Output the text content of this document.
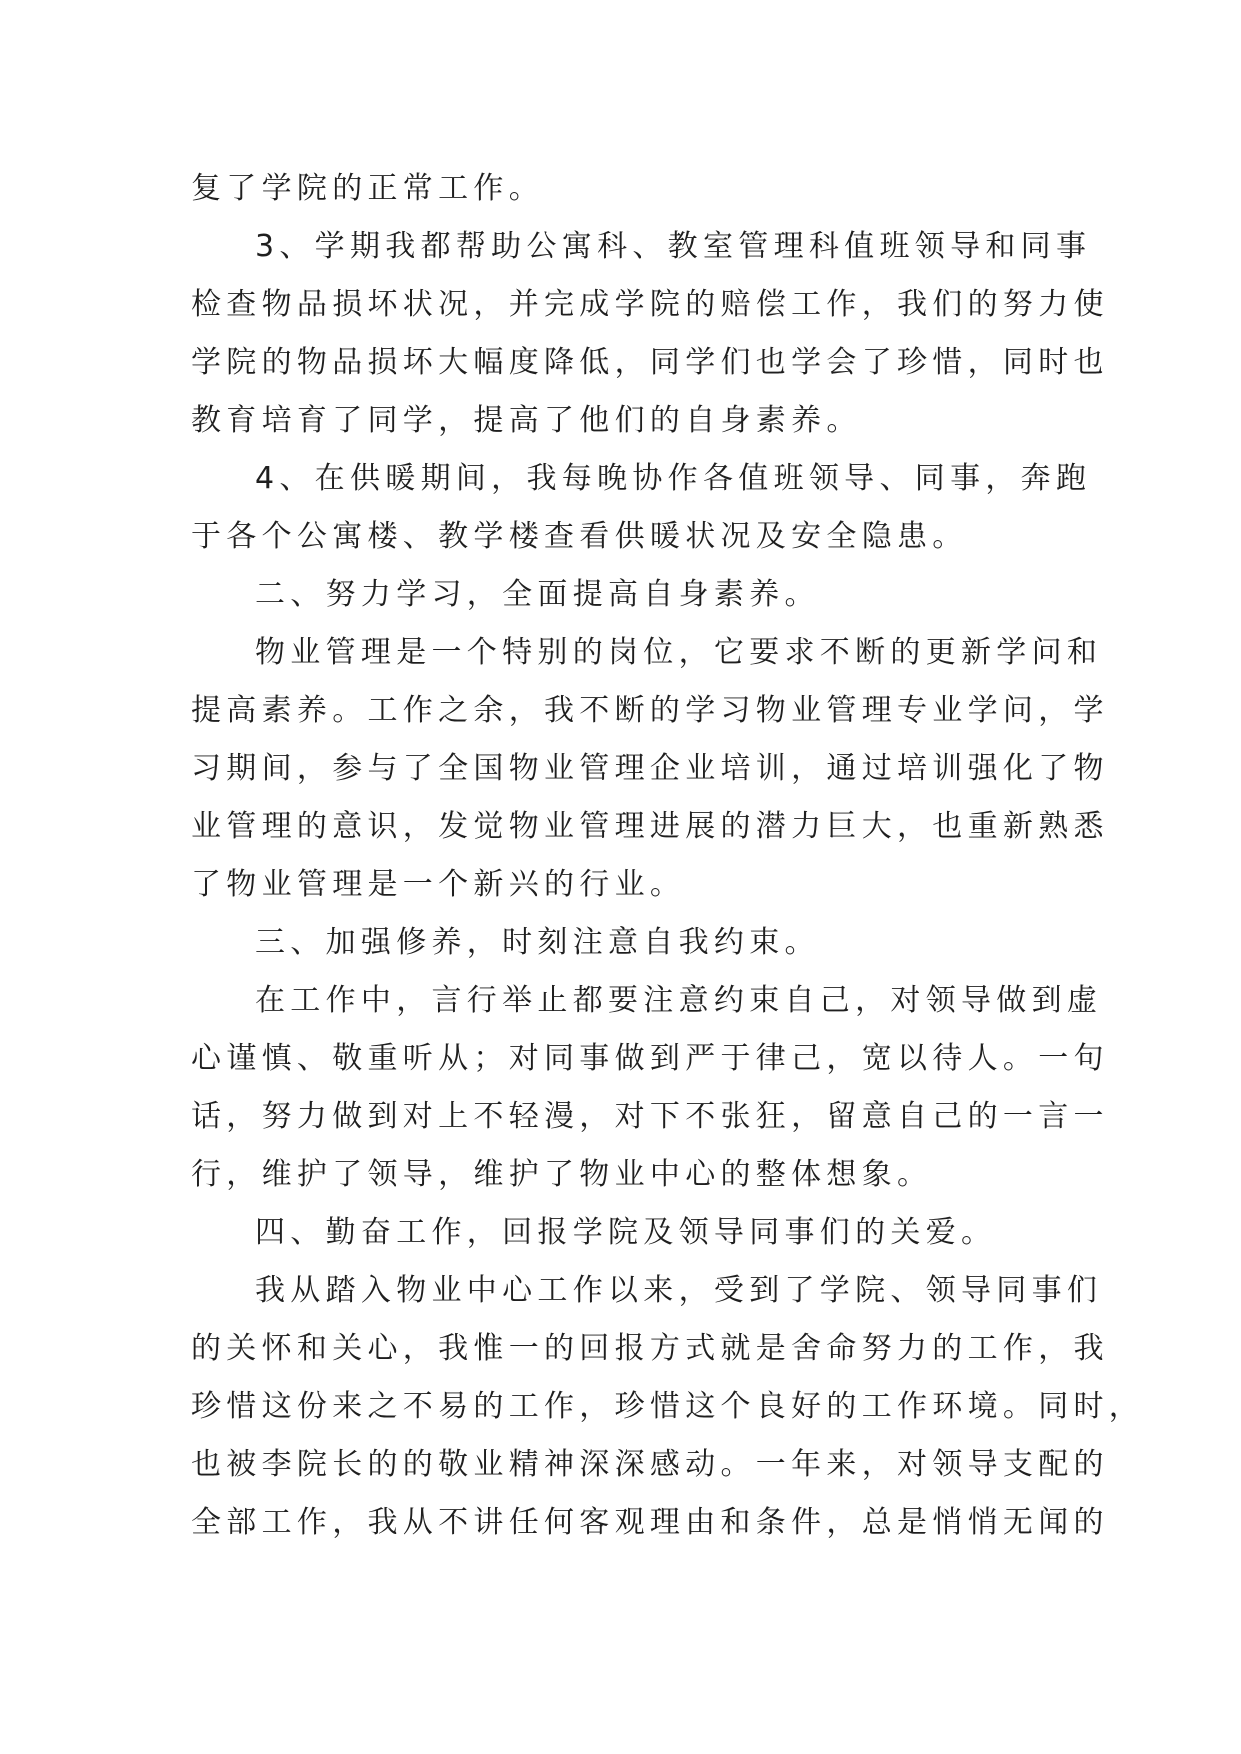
复了学院的正常工作。
3、学期我都帮助公寓科、教室管理科值班领导和同事
检查物品损坏状况，并完成学院的赔偿工作，我们的努力使
学院的物品损坏大幅度降低，同学们也学会了珍惜，同时也
教育培育了同学，提高了他们的自身素养。
4、在供暖期间，我每晚协作各值班领导、同事，奔跑
于各个公寓楼、教学楼查看供暖状况及安全隐患。
二、努力学习，全面提高自身素养。
物业管理是一个特别的岗位，它要求不断的更新学问和
提高素养。工作之余，我不断的学习物业管理专业学问，学
习期间，参与了全国物业管理企业培训，通过培训强化了物
业管理的意识，发觉物业管理进展的潜力巨大，也重新熟悉
了物业管理是一个新兴的行业。
三、加强修养，时刻注意自我约束。
在工作中，言行举止都要注意约束自己，对领导做到虚
心谨慎、敬重听从；对同事做到严于律己，宽以待人。一句
话，努力做到对上不轻漫，对下不张狂，留意自己的一言一
行，维护了领导，维护了物业中心的整体想象。
四、勤奋工作，回报学院及领导同事们的关爱。
我从踏入物业中心工作以来，受到了学院、领导同事们
的关怀和关心，我惟一的回报方式就是舍命努力的工作，我
珍惜这份来之不易的工作，珍惜这个良好的工作环境。同时，
也被李院长的的敬业精神深深感动。一年来，对领导支配的
全部工作，我从不讲任何客观理由和条件，总是悄悄无闻的
